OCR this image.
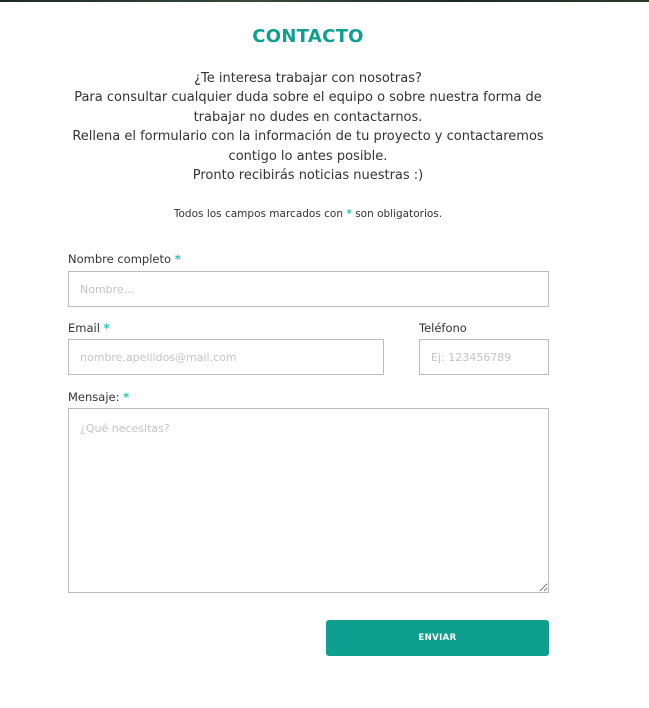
CONTACTO

¿Te interesa trabajar con nosotras?

Para consultar cualquier duda sobre el equipo o sobre nuestra forma de trabajar no dudes en contactarnos.

Rellena el formulario con la información de tu proyecto y contactaremos contigo lo antes posible.

Pronto recibirás noticias nuestras :)

Todos los campos marcados con * son obligatorios.
Nombre completo *
Nombre...
Email *
nombre.apellidos@mail.com	Teléfono
Ej: 123456789
Mensaje: *
¿Qué necesitas?
ENVIAR
